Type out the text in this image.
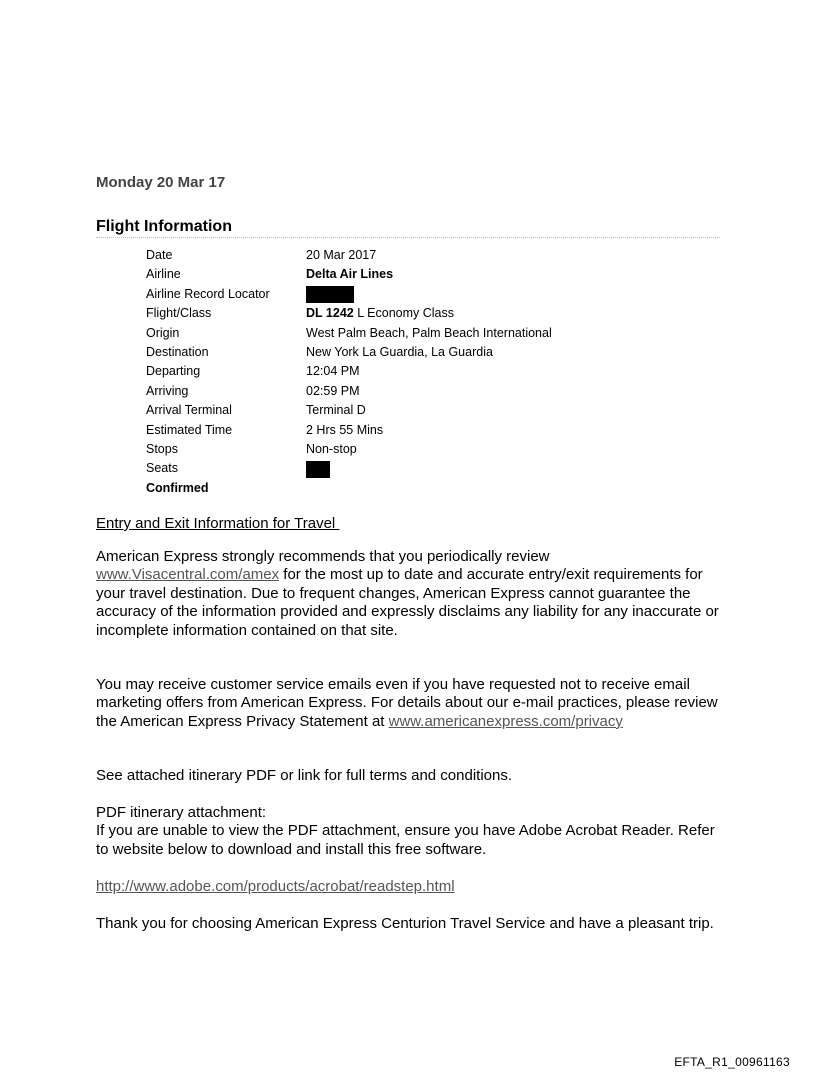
Monday 20 Mar 17
Flight Information
Date	20 Mar 2017
Airline	Delta Air Lines
Airline Record Locator
Flight/Class	DL 1242 L Economy Class
Origin	West Palm Beach, Palm Beach International
Destination	New York La Guardia, La Guardia
Departing	12:04 PM
Arriving	02:59 PM
Arrival Terminal	Terminal D
Estimated Time	2 Hrs 55 Mins
Stops	Non-stop
Seats
Confirmed
Entry and Exit Information for Travel

American Express strongly recommends that you periodically review www.Visacentral.com/amex for the most up to date and accurate entry/exit requirements for your travel destination. Due to frequent changes, American Express cannot guarantee the accuracy of the information provided and expressly disclaims any liability for any inaccurate or incomplete information contained on that site.

You may receive customer service emails even if you have requested not to receive email marketing offers from American Express. For details about our e-mail practices, please review the American Express Privacy Statement at www.americanexpress.com/privacy

See attached itinerary PDF or link for full terms and conditions.

PDF itinerary attachment:
If you are unable to view the PDF attachment, ensure you have Adobe Acrobat Reader. Refer to website below to download and install this free software.

http://www.adobe.com/products/acrobat/readstep.html

Thank you for choosing American Express Centurion Travel Service and have a pleasant trip.

EFTA_R1_00961163
